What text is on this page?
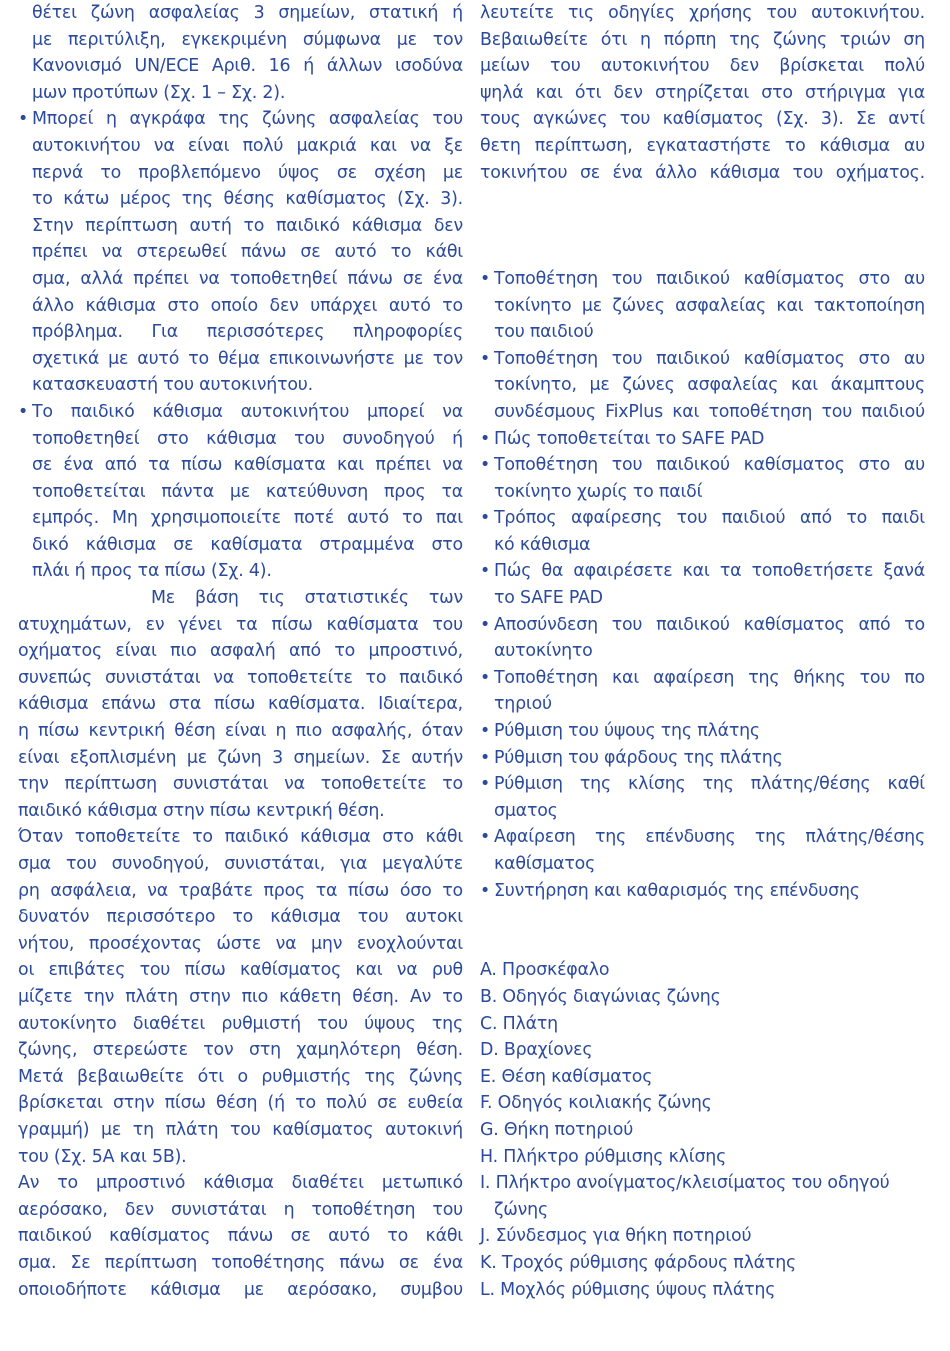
θέτει ζώνη ασφαλείας 3 σημείων, στατική ή
με περιτύλιξη, εγκεκριμένη σύμφωνα με τον
Κανονισμό UN/ECE Αριθ. 16 ή άλλων ισοδύνα
μων προτύπων (Σχ. 1 – Σχ. 2).
• Μπορεί η αγκράφα της ζώνης ασφαλείας του
αυτοκινήτου να είναι πολύ μακριά και να ξε
περνά το προβλεπόμενο ύψος σε σχέση με
το κάτω μέρος της θέσης καθίσματος (Σχ. 3).
Στην περίπτωση αυτή το παιδικό κάθισμα δεν
πρέπει να στερεωθεί πάνω σε αυτό το κάθι
σμα, αλλά πρέπει να τοποθετηθεί πάνω σε ένα
άλλο κάθισμα στο οποίο δεν υπάρχει αυτό το
πρόβλημα. Για περισσότερες πληροφορίες
σχετικά με αυτό το θέμα επικοινωνήστε με τον
κατασκευαστή του αυτοκινήτου.
• Το παιδικό κάθισμα αυτοκινήτου μπορεί να
τοποθετηθεί στο κάθισμα του συνοδηγού ή
σε ένα από τα πίσω καθίσματα και πρέπει να
τοποθετείται πάντα με κατεύθυνση προς τα
εμπρός. Μη χρησιμοποιείτε ποτέ αυτό το παι
δικό κάθισμα σε καθίσματα στραμμένα στο
πλάι ή προς τα πίσω (Σχ. 4).
Με βάση τις στατιστικές των
ατυχημάτων, εν γένει τα πίσω καθίσματα του
οχήματος είναι πιο ασφαλή από το μπροστινό,
συνεπώς συνιστάται να τοποθετείτε το παιδικό
κάθισμα επάνω στα πίσω καθίσματα. Ιδιαίτερα,
η πίσω κεντρική θέση είναι η πιο ασφαλής, όταν
είναι εξοπλισμένη με ζώνη 3 σημείων. Σε αυτήν
την περίπτωση συνιστάται να τοποθετείτε το
παιδικό κάθισμα στην πίσω κεντρική θέση.
Όταν τοποθετείτε το παιδικό κάθισμα στο κάθι
σμα του συνοδηγού, συνιστάται, για μεγαλύτε
ρη ασφάλεια, να τραβάτε προς τα πίσω όσο το
δυνατόν περισσότερο το κάθισμα του αυτοκι
νήτου, προσέχοντας ώστε να μην ενοχλούνται
οι επιβάτες του πίσω καθίσματος και να ρυθ
μίζετε την πλάτη στην πιο κάθετη θέση. Αν το
αυτοκίνητο διαθέτει ρυθμιστή του ύψους της
ζώνης, στερεώστε τον στη χαμηλότερη θέση.
Μετά βεβαιωθείτε ότι ο ρυθμιστής της ζώνης
βρίσκεται στην πίσω θέση (ή το πολύ σε ευθεία
γραμμή) με τη πλάτη του καθίσματος αυτοκινή
του (Σχ. 5A και 5B).
Αν το μπροστινό κάθισμα διαθέτει μετωπικό
αερόσακο, δεν συνιστάται η τοποθέτηση του
παιδικού καθίσματος πάνω σε αυτό το κάθι
σμα. Σε περίπτωση τοποθέτησης πάνω σε ένα
οποιοδήποτε κάθισμα με αερόσακο, συμβου
λευτείτε τις οδηγίες χρήσης του αυτοκινήτου.
Βεβαιωθείτε ότι η πόρπη της ζώνης τριών ση
μείων του αυτοκινήτου δεν βρίσκεται πολύ
ψηλά και ότι δεν στηρίζεται στο στήριγμα για
τους αγκώνες του καθίσματος (Σχ. 3). Σε αντί
θετη περίπτωση, εγκαταστήστε το κάθισμα αυ
τοκινήτου σε ένα άλλο κάθισμα του οχήματος.
• Τοποθέτηση του παιδικού καθίσματος στο αυ
τοκίνητο με ζώνες ασφαλείας και τακτοποίηση
του παιδιού
• Τοποθέτηση του παιδικού καθίσματος στο αυ
τοκίνητο, με ζώνες ασφαλείας και άκαμπτους
συνδέσμους FixPlus και τοποθέτηση του παιδιού
• Πώς τοποθετείται το SAFE PAD
• Τοποθέτηση του παιδικού καθίσματος στο αυ
τοκίνητο χωρίς το παιδί
• Τρόπος αφαίρεσης του παιδιού από το παιδι
κό κάθισμα
• Πώς θα αφαιρέσετε και τα τοποθετήσετε ξανά
το SAFE PAD
• Αποσύνδεση του παιδικού καθίσματος από το
αυτοκίνητο
• Τοποθέτηση και αφαίρεση της θήκης του πο
τηριού
• Ρύθμιση του ύψους της πλάτης
• Ρύθμιση του φάρδους της πλάτης
• Ρύθμιση της κλίσης της πλάτης/θέσης καθί
σματος
• Αφαίρεση της επένδυσης της πλάτης/θέσης
καθίσματος
• Συντήρηση και καθαρισμός της επένδυσης
A. Προσκέφαλο
B. Οδηγός διαγώνιας ζώνης
C. Πλάτη
D. Βραχίονες
E. Θέση καθίσματος
F. Οδηγός κοιλιακής ζώνης
G. Θήκη ποτηριού
H. Πλήκτρο ρύθμισης κλίσης
I. Πλήκτρο ανοίγματος/κλεισίματος του οδηγού
ζώνης
J. Σύνδεσμος για θήκη ποτηριού
K. Τροχός ρύθμισης φάρδους πλάτης
L. Μοχλός ρύθμισης ύψους πλάτης
